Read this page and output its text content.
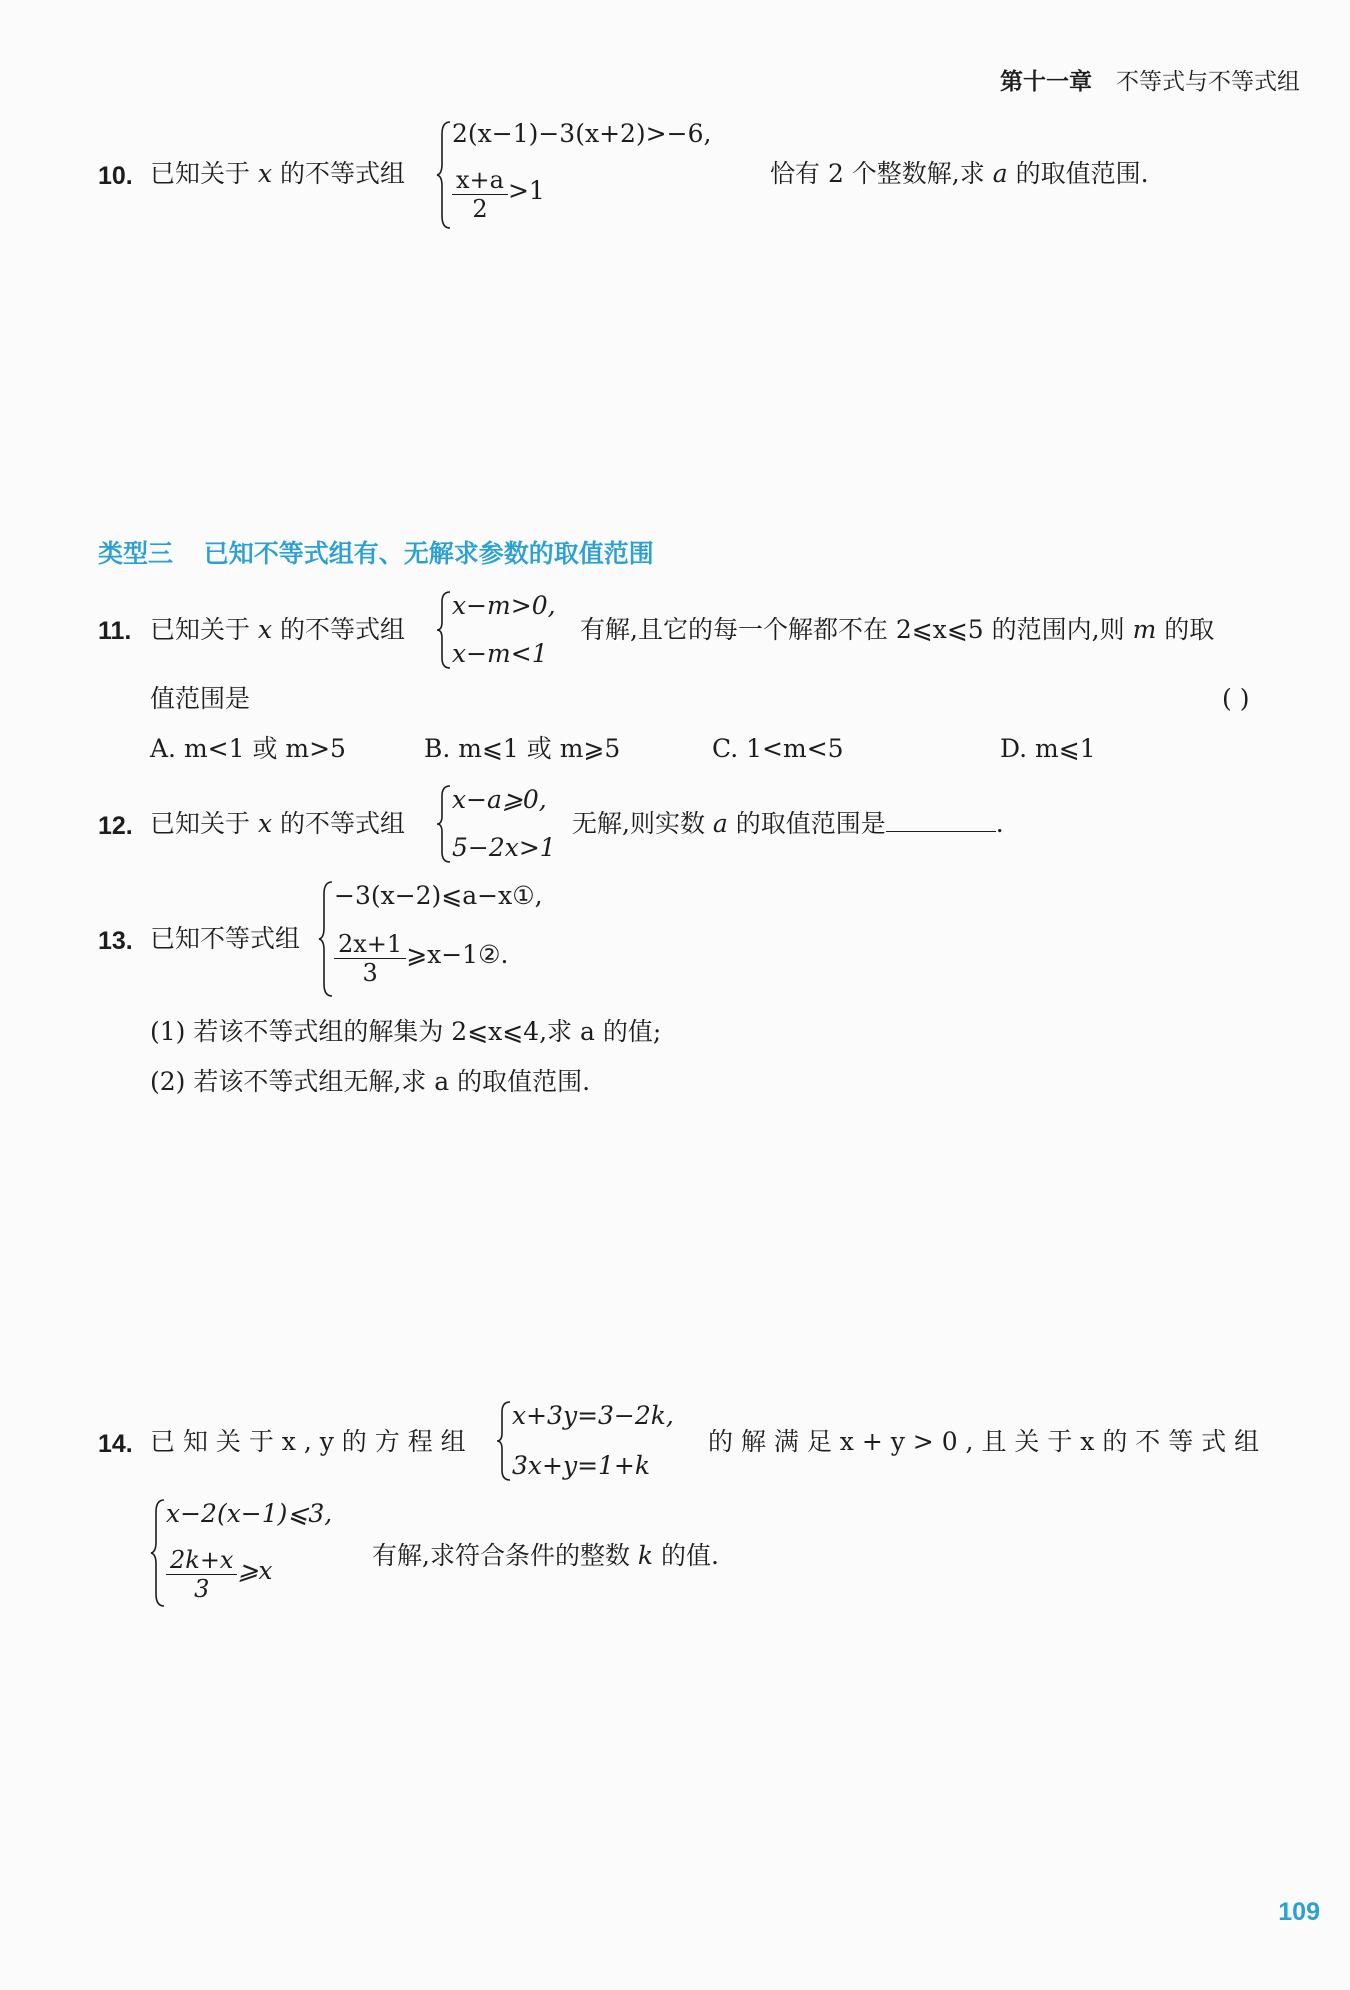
第十一章 不等式与不等式组
10. 已知关于 x 的不等式组
2(x−1)−3(x+2)>−6,
$\frac{x+a}{2} >1$
恰有 2 个整数解,求 a 的取值范围.
类型三 已知不等式组有、无解求参数的取值范围
11. 已知关于 x 的不等式组
x−m>0,
x−m<1
有解,且它的每一个解都不在 2⩽x⩽5 的范围内,则 m 的取
值范围是	( )
A. m<1 或 m>5	B. m⩽1 或 m⩾5	C. 1<m<5	D. m⩽1
12. 已知关于 x 的不等式组
x−a⩾0,
5−2x>1
无解,则实数 a 的取值范围是	.
13. 已知不等式组
−3(x−2)⩽a−x①,
$\frac{2x+1}{3}$ ⩾x−1②.
(1) 若该不等式组的解集为 2⩽x⩽4,求 a 的值;
(2) 若该不等式组无解,求 a 的取值范围.
14. 已 知 关 于 x , y 的 方 程 组
x+3y=3−2k,
3x+y=1+k
的 解 满 足 x + y > 0 , 且 关 于 x 的 不 等 式 组
x−2(x−1)⩽3,
$\frac{2k+x}{3}$ ⩾x
有解,求符合条件的整数 k 的值.
109
